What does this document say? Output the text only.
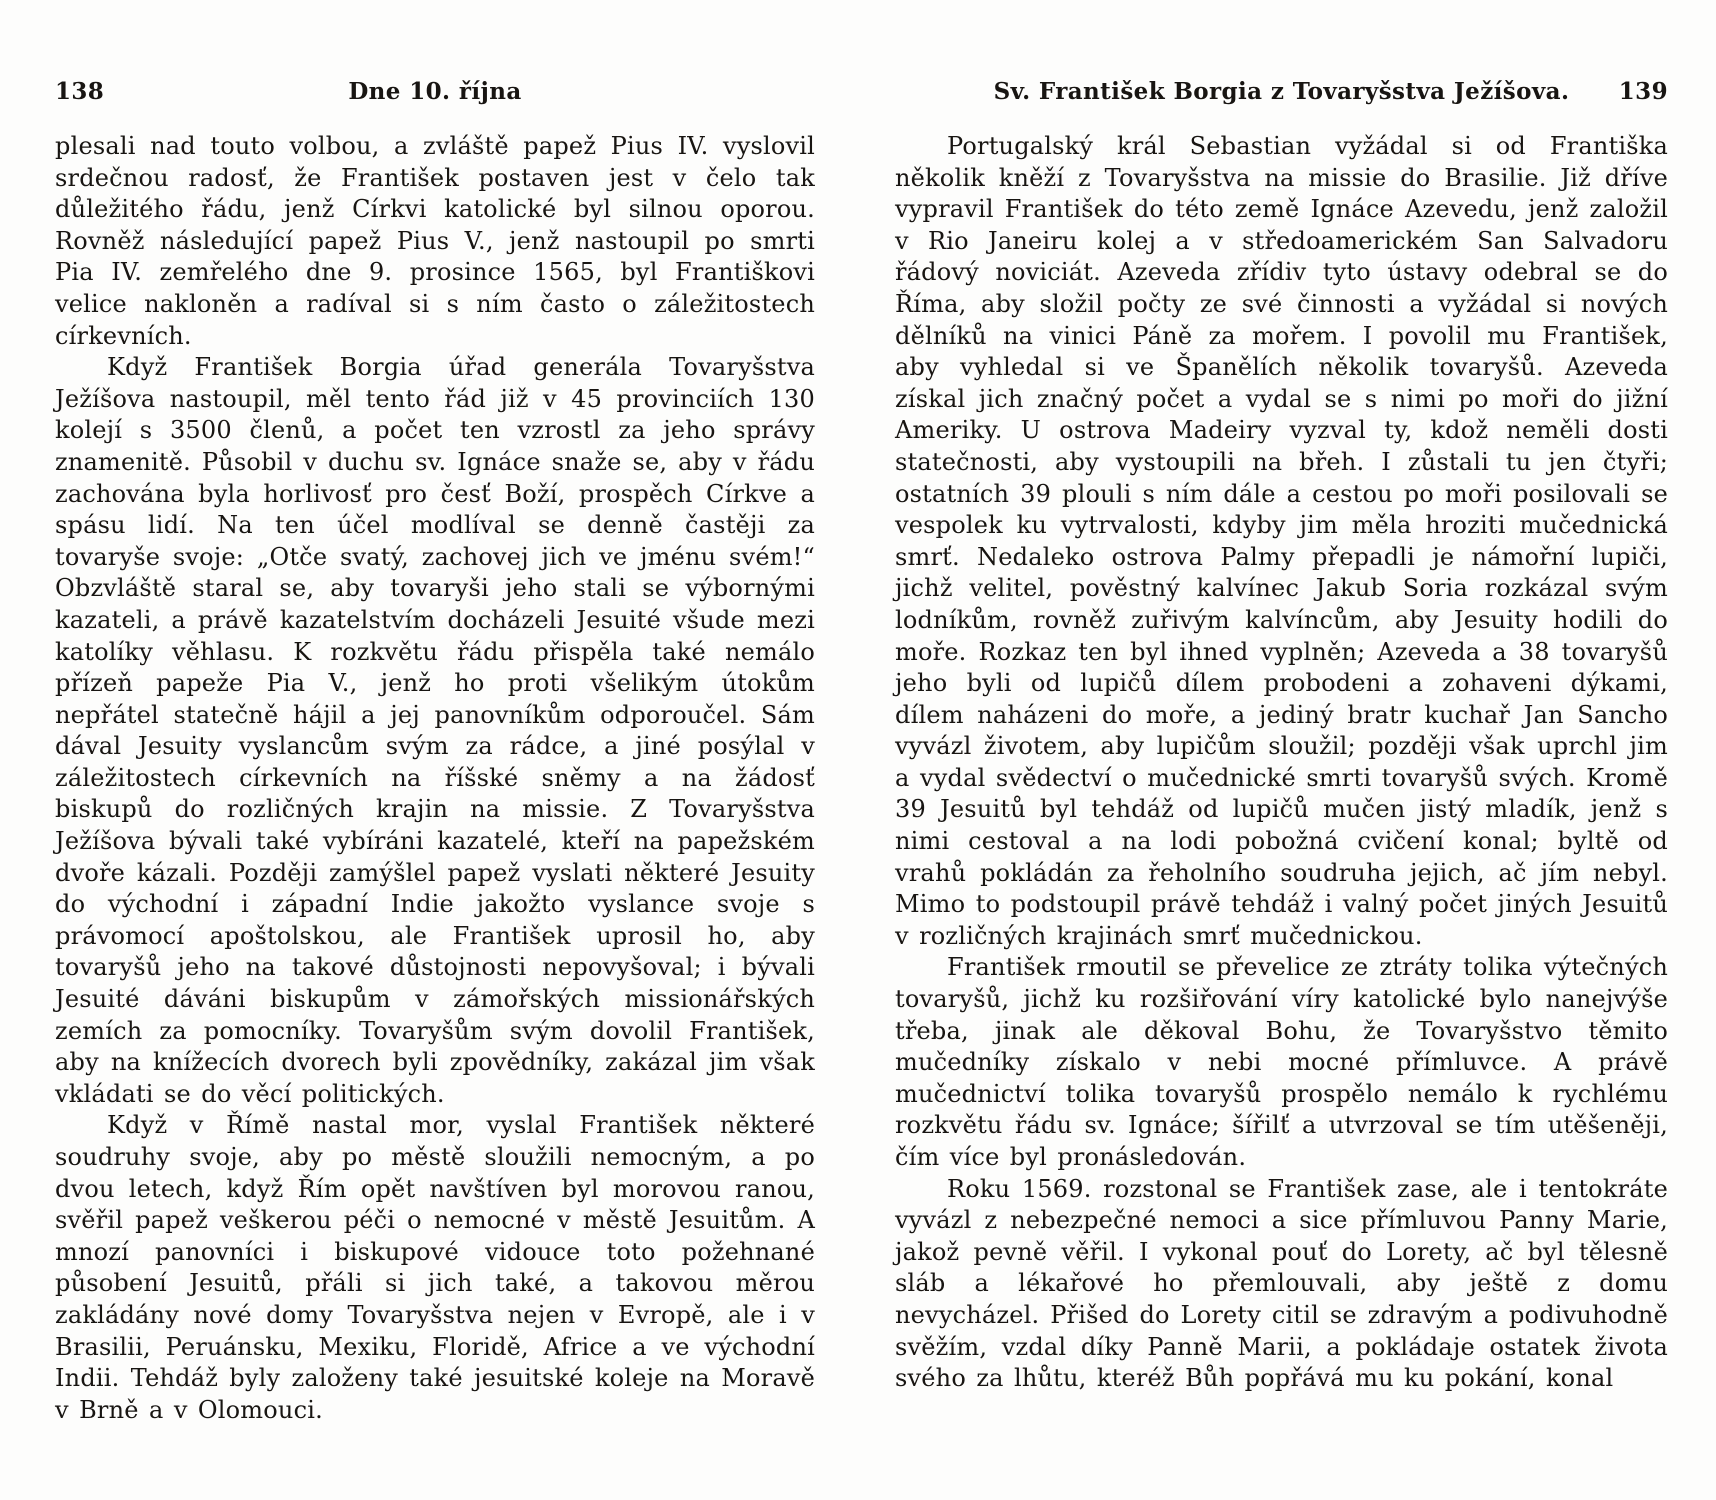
138	Dne 10. října

plesali nad touto volbou, a zvláště papež Pius IV. vyslovil srdečnou radosť, že František postaven jest v čelo tak důležitého řádu, jenž Církvi katolické byl silnou oporou. Rovněž následující papež Pius V., jenž nastoupil po smrti Pia IV. zemřelého dne 9. prosince 1565, byl Františkovi velice nakloněn a radíval si s ním často o záležitostech církevních.

Když František Borgia úřad generála Tovaryšstva Ježíšova nastoupil, měl tento řád již v 45 provinciích 130 kolejí s 3500 členů, a počet ten vzrostl za jeho správy znamenitě. Působil v duchu sv. Ignáce snaže se, aby v řádu zachována byla horlivosť pro česť Boží, prospěch Církve a spásu lidí. Na ten účel modlíval se denně častěji za tovaryše svoje: „Otče svatý, zachovej jich ve jménu svém!“ Obzvláště staral se, aby tovaryši jeho stali se výbornými kazateli, a právě kazatelstvím docházeli Jesuité všude mezi katolíky věhlasu. K rozkvětu řádu přispěla také nemálo přízeň papeže Pia V., jenž ho proti všelikým útokům nepřátel statečně hájil a jej panovníkům odporoučel. Sám dával Jesuity vyslancům svým za rádce, a jiné posýlal v záležitostech církevních na říšské sněmy a na žádosť biskupů do rozličných krajin na missie. Z Tovaryšstva Ježíšova bývali také vybíráni kazatelé, kteří na papežském dvoře kázali. Později zamýšlel papež vyslati některé Jesuity do východní i západní Indie jakožto vyslance svoje s právomocí apoštolskou, ale František uprosil ho, aby tovaryšů jeho na takové důstojnosti nepovyšoval; i bývali Jesuité dáváni biskupům v zámořských missionářských zemích za pomocníky. Tovaryšům svým dovolil František, aby na knížecích dvorech byli zpovědníky, zakázal jim však vkládati se do věcí politických.

Když v Římě nastal mor, vyslal František některé soudruhy svoje, aby po městě sloužili nemocným, a po dvou letech, když Řím opět navštíven byl morovou ranou, svěřil papež veškerou péči o nemocné v městě Jesuitům. A mnozí panovníci i biskupové vidouce toto požehnané působení Jesuitů, přáli si jich také, a takovou měrou zakládány nové domy Tovaryšstva nejen v Evropě, ale i v Brasilii, Peruánsku, Mexiku, Floridě, Africe a ve východní Indii. Tehdáž byly založeny také jesuitské koleje na Moravě v Brně a v Olomouci.

Sv. František Borgia z Tovaryšstva Ježíšova.	139

Portugalský král Sebastian vyžádal si od Františka několik kněží z Tovaryšstva na missie do Brasilie. Již dříve vypravil František do této země Ignáce Azevedu, jenž založil v Rio Janeiru kolej a v středoamerickém San Salvadoru řádový noviciát. Azeveda zřídiv tyto ústavy odebral se do Říma, aby složil počty ze své činnosti a vyžádal si nových dělníků na vinici Páně za mořem. I povolil mu František, aby vyhledal si ve Španělích několik tovaryšů. Azeveda získal jich značný počet a vydal se s nimi po moři do jižní Ameriky. U ostrova Madeiry vyzval ty, kdož neměli dosti statečnosti, aby vystoupili na břeh. I zůstali tu jen čtyři; ostatních 39 plouli s ním dále a cestou po moři posilovali se vespolek ku vytrvalosti, kdyby jim měla hroziti mučednická smrť. Nedaleko ostrova Palmy přepadli je námořní lupiči, jichž velitel, pověstný kalvínec Jakub Soria rozkázal svým lodníkům, rovněž zuřivým kalvíncům, aby Jesuity hodili do moře. Rozkaz ten byl ihned vyplněn; Azeveda a 38 tovaryšů jeho byli od lupičů dílem probodeni a zohaveni dýkami, dílem naházeni do moře, a jediný bratr kuchař Jan Sancho vyvázl životem, aby lupičům sloužil; později však uprchl jim a vydal svědectví o mučednické smrti tovaryšů svých. Kromě 39 Jesuitů byl tehdáž od lupičů mučen jistý mladík, jenž s nimi cestoval a na lodi pobožná cvičení konal; byltě od vrahů pokládán za řeholního soudruha jejich, ač jím nebyl. Mimo to podstoupil právě tehdáž i valný počet jiných Jesuitů v rozličných krajinách smrť mučednickou.

František rmoutil se převelice ze ztráty tolika výtečných tovaryšů, jichž ku rozšiřování víry katolické bylo nanejvýše třeba, jinak ale děkoval Bohu, že Tovaryšstvo těmito mučedníky získalo v nebi mocné přímluvce. A právě mučednictví tolika tovaryšů prospělo nemálo k rychlému rozkvětu řádu sv. Ignáce; šířilť a utvrzoval se tím utěšeněji, čím více byl pronásledován.

Roku 1569. rozstonal se František zase, ale i tentokráte vyvázl z nebezpečné nemoci a sice přímluvou Panny Marie, jakož pevně věřil. I vykonal pouť do Lorety, ač byl tělesně sláb a lékařové ho přemlouvali, aby ještě z domu nevycházel. Přišed do Lorety citil se zdravým a podivuhodně svěžím, vzdal díky Panně Marii, a pokládaje ostatek života svého za lhůtu, kteréž Bůh popřává mu ku pokání, konal
